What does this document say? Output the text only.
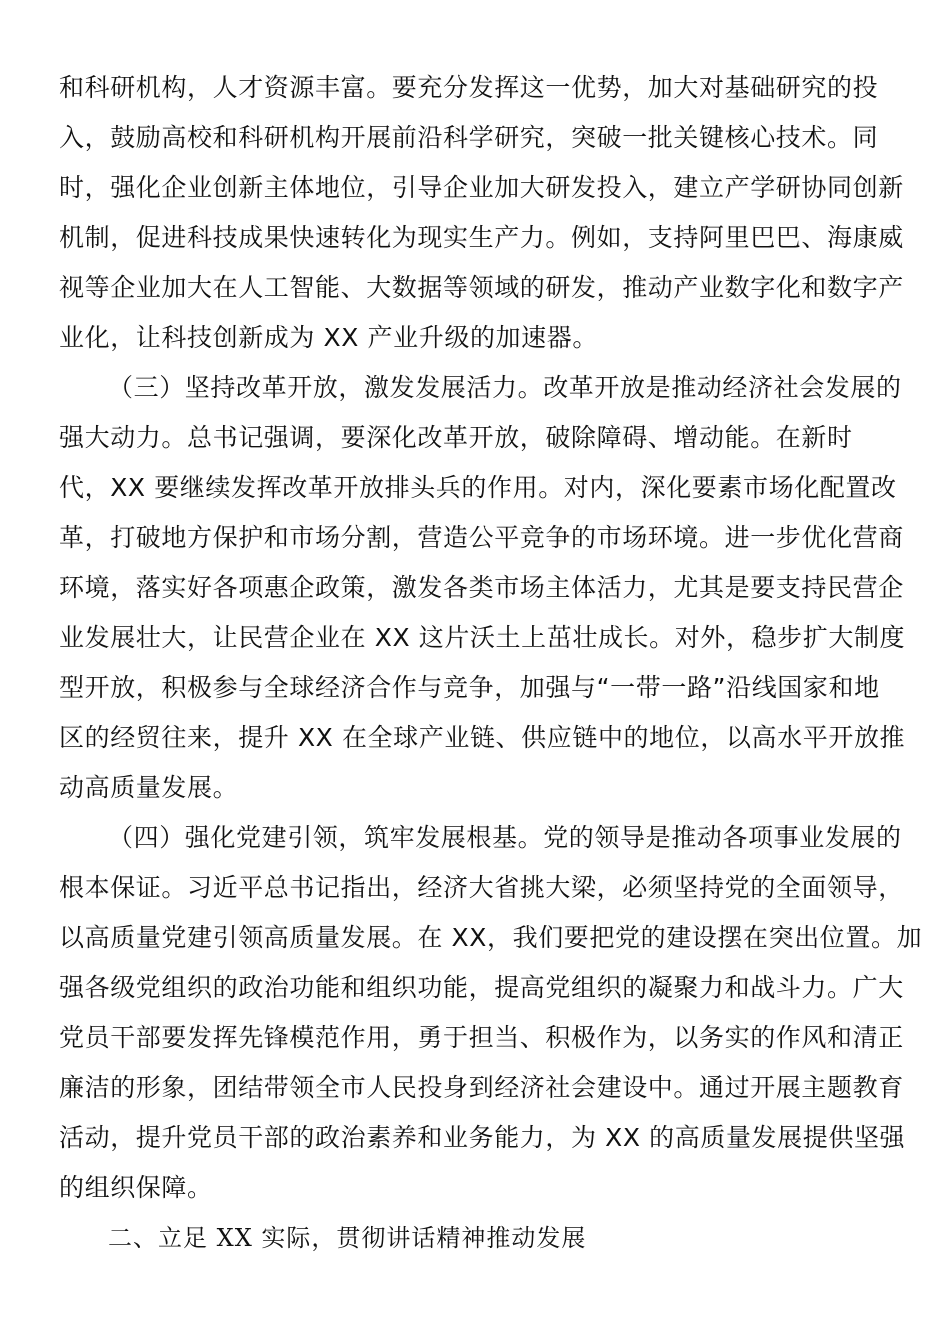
和科研机构，人才资源丰富。要充分发挥这一优势，加大对基础研究的投
入，鼓励高校和科研机构开展前沿科学研究，突破一批关键核心技术。同
时，强化企业创新主体地位，引导企业加大研发投入，建立产学研协同创新
机制，促进科技成果快速转化为现实生产力。例如，支持阿里巴巴、海康威
视等企业加大在人工智能、大数据等领域的研发，推动产业数字化和数字产
业化，让科技创新成为 XX 产业升级的加速器。
（三）坚持改革开放，激发发展活力。改革开放是推动经济社会发展的
强大动力。总书记强调，要深化改革开放，破除障碍、增动能。在新时
代，XX 要继续发挥改革开放排头兵的作用。对内，深化要素市场化配置改
革，打破地方保护和市场分割，营造公平竞争的市场环境。进一步优化营商
环境，落实好各项惠企政策，激发各类市场主体活力，尤其是要支持民营企
业发展壮大，让民营企业在 XX 这片沃土上茁壮成长。对外，稳步扩大制度
型开放，积极参与全球经济合作与竞争，加强与“一带一路”沿线国家和地
区的经贸往来，提升 XX 在全球产业链、供应链中的地位，以高水平开放推
动高质量发展。
（四）强化党建引领，筑牢发展根基。党的领导是推动各项事业发展的
根本保证。习近平总书记指出，经济大省挑大梁，必须坚持党的全面领导，
以高质量党建引领高质量发展。在 XX，我们要把党的建设摆在突出位置。加
强各级党组织的政治功能和组织功能，提高党组织的凝聚力和战斗力。广大
党员干部要发挥先锋模范作用，勇于担当、积极作为，以务实的作风和清正
廉洁的形象，团结带领全市人民投身到经济社会建设中。通过开展主题教育
活动，提升党员干部的政治素养和业务能力，为 XX 的高质量发展提供坚强
的组织保障。
二、立足 XX 实际，贯彻讲话精神推动发展
